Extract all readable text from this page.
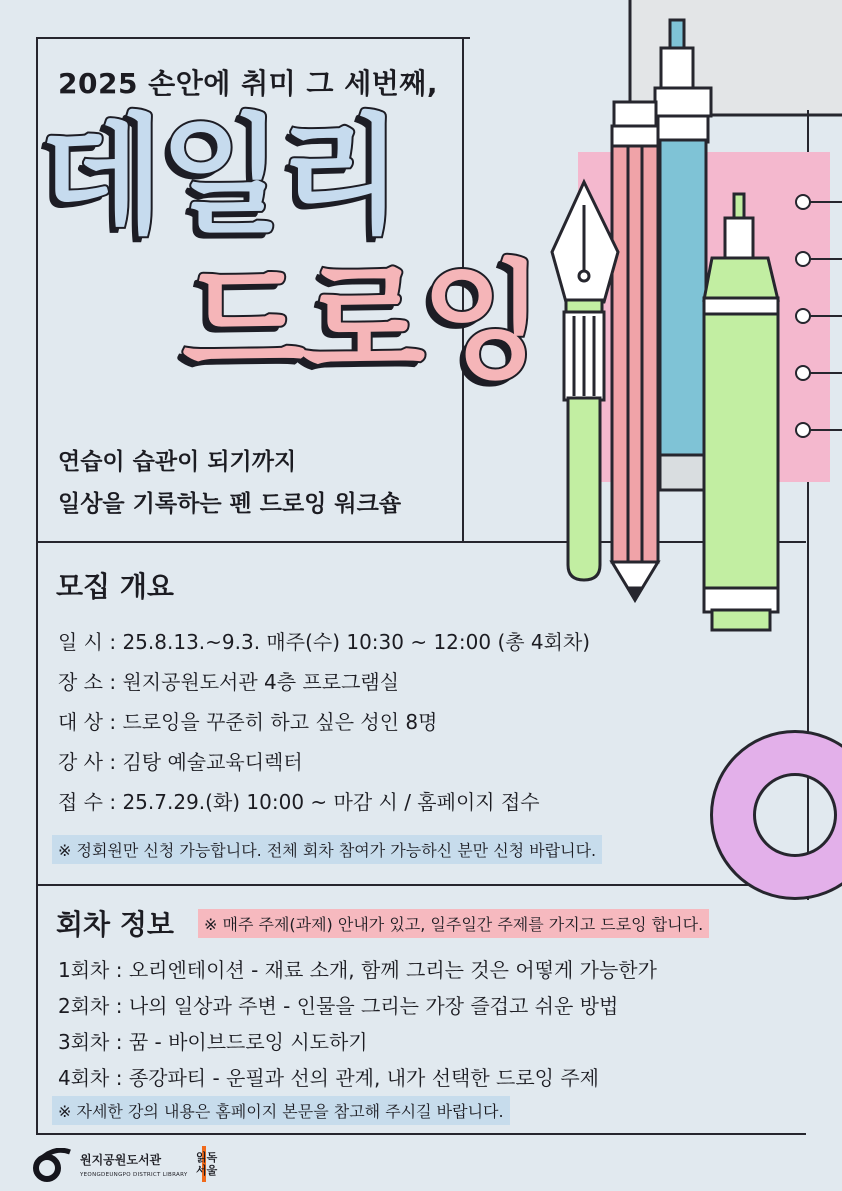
2025 손안에 취미 그 세번째,
데일리
드로잉
연습이 습관이 되기까지
일상을 기록하는 펜 드로잉 워크숍
모집 개요
일 시 : 25.8.13.~9.3. 매주(수) 10:30 ~ 12:00 (총 4회차)
장 소 : 원지공원도서관 4층 프로그램실
대 상 : 드로잉을 꾸준히 하고 싶은 성인 8명
강 사 : 김탕 예술교육디렉터
접 수 : 25.7.29.(화) 10:00 ~ 마감 시 / 홈페이지 접수
※ 정회원만 신청 가능합니다. 전체 회차 참여가 가능하신 분만 신청 바랍니다.
회차 정보	※ 매주 주제(과제) 안내가 있고, 일주일간 주제를 가지고 드로잉 합니다.
1회차 : 오리엔테이션 - 재료 소개, 함께 그리는 것은 어떻게 가능한가
2회차 : 나의 일상과 주변 - 인물을 그리는 가장 즐겁고 쉬운 방법
3회차 : 꿈 - 바이브드로잉 시도하기
4회차 : 종강파티 - 운필과 선의 관계, 내가 선택한 드로잉 주제
※ 자세한 강의 내용은 홈페이지 본문을 참고해 주시길 바랍니다.
원지공원도서관
YEONGDEUNGPO DISTRICT LIBRARY
읽독서울
